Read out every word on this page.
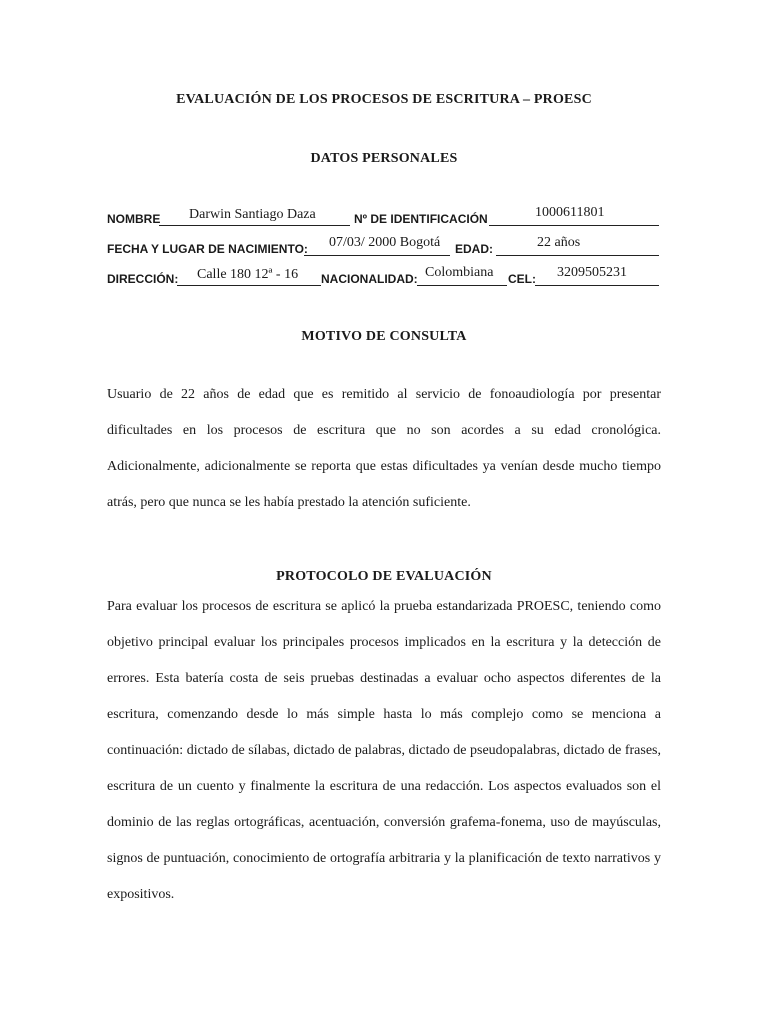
EVALUACIÓN DE LOS PROCESOS DE ESCRITURA – PROESC
DATOS PERSONALES
NOMBRE Darwin Santiago Daza	Nº DE IDENTIFICACIÓN	1000611801
FECHA Y LUGAR DE NACIMIENTO: 07/03/ 2000 Bogotá EDAD:	22 años
DIRECCIÓN: Calle 180 12ª - 16 NACIONALIDAD: Colombiana CEL: 3209505231
MOTIVO DE CONSULTA

Usuario de 22 años de edad que es remitido al servicio de fonoaudiología por presentar dificultades en los procesos de escritura que no son acordes a su edad cronológica. Adicionalmente, adicionalmente se reporta que estas dificultades ya venían desde mucho tiempo atrás, pero que nunca se les había prestado la atención suficiente.

PROTOCOLO DE EVALUACIÓN

Para evaluar los procesos de escritura se aplicó la prueba estandarizada PROESC, teniendo como objetivo principal evaluar los principales procesos implicados en la escritura y la detección de errores. Esta batería costa de seis pruebas destinadas a evaluar ocho aspectos diferentes de la escritura, comenzando desde lo más simple hasta lo más complejo como se menciona a continuación: dictado de sílabas, dictado de palabras, dictado de pseudopalabras, dictado de frases, escritura de un cuento y finalmente la escritura de una redacción. Los aspectos evaluados son el dominio de las reglas ortográficas, acentuación, conversión grafema-fonema, uso de mayúsculas, signos de puntuación, conocimiento de ortografía arbitraria y la planificación de texto narrativos y expositivos.
